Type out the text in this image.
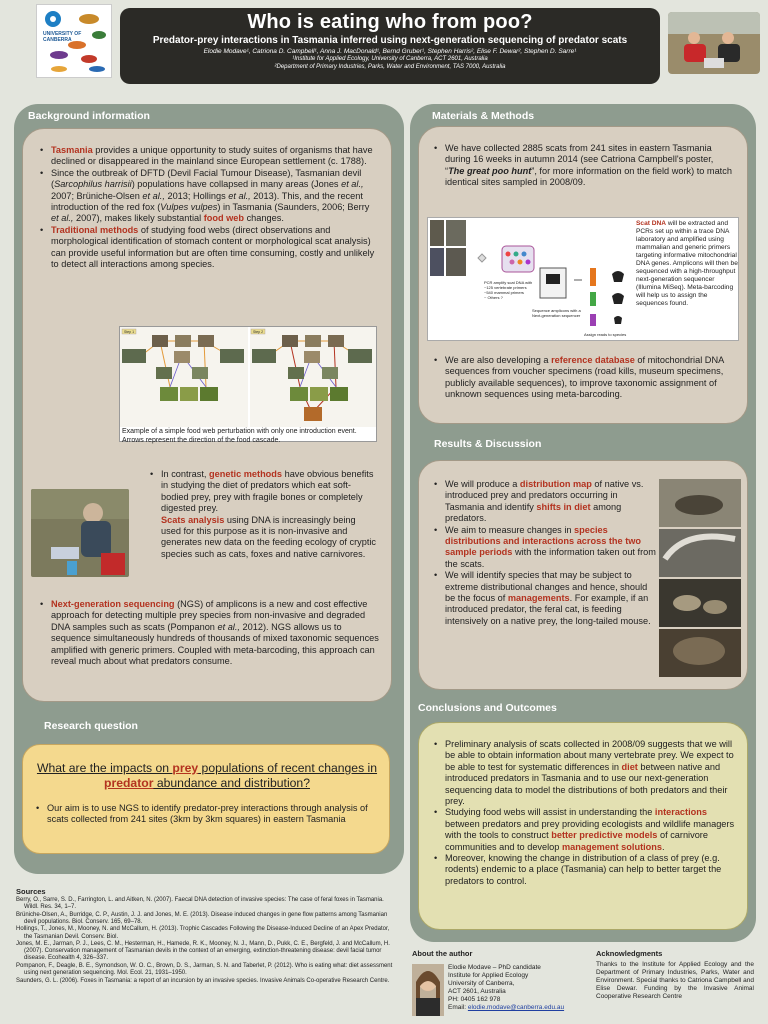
UNIVERSITY OF
CANBERRA
Who is eating who from poo?
Predator-prey interactions in Tasmania inferred using next-generation sequencing of predator scats
Elodie Modave¹, Catriona D. Campbell¹, Anna J. MacDonald¹, Bernd Gruber¹, Stephen Harris², Elise F. Dewar², Stephen D. Sarre¹
¹Institute for Applied Ecology, University of Canberra, ACT 2601, Australia
²Department of Primary Industries, Parks, Water and Environment, TAS 7000, Australia
Background information
• Tasmania provides a unique opportunity to study suites of organisms that have declined or disappeared in the mainland since European settlement (c. 1788).
• Since the outbreak of DFTD (Devil Facial Tumour Disease), Tasmanian devil (Sarcophilus harrisii) populations have collapsed in many areas (Jones et al., 2007; Brüniche-Olsen et al., 2013; Hollings et al., 2013). This, and the recent introduction of the red fox (Vulpes vulpes) in Tasmania (Saunders, 2006; Berry et al., 2007), makes likely substantial food web changes.
• Traditional methods of studying food webs (direct observations and morphological identification of stomach content or morphological scat analysis) can provide useful information but are often time consuming, costly and unlikely to detect all interactions among species.
Step 1	Step 2
Example of a simple food web perturbation with only one introduction event. Arrows represent the direction of the food cascade.
• In contrast, genetic methods have obvious benefits in studying the diet of predators which eat soft-bodied prey, prey with fragile bones or completely digested prey.
Scats analysis using DNA is increasingly being used for this purpose as it is non-invasive and generates new data on the feeding ecology of cryptic species such as cats, foxes and native carnivores.
• Next-generation sequencing (NGS) of amplicons is a new and cost effective approach for detecting multiple prey species from non-invasive and degraded DNA samples such as scats (Pompanon et al., 2012). NGS allows us to sequence simultaneously hundreds of thousands of mixed taxonomic sequences amplified with generic primers. Coupled with meta-barcoding, this approach can reveal much about what predators consume.
Research question
What are the impacts on prey populations of recent changes in predator abundance and distribution?
• Our aim is to use NGS to identify predator-prey interactions through analysis of scats collected from 241 sites (3km by 3km squares) in eastern Tasmania
Materials & Methods
• We have collected 2885 scats from 241 sites in eastern Tasmania during 16 weeks in autumn 2014 (see Catriona Campbell's poster, “The great poo hunt”, for more information on the field work) to match identical sites sampled in 2008/09.
PCR amplify scat DNA with ~125 vertebrate primers ~540 mammal primers ~ Others ?
Sequence amplicons with a Next-generation sequencer
Assign reads to species
Scat DNA will be extracted and PCRs set up within a trace DNA laboratory and amplified using mammalian and generic primers targeting informative mitochondrial DNA genes. Amplicons will then be sequenced with a high-throughput next-generation sequencer (Illumina MiSeq). Meta-barcoding will help us to assign the sequences found.
• We are also developing a reference database of mitochondrial DNA sequences from voucher specimens (road kills, museum specimens, publicly available sequences), to improve taxonomic assignment of unknown sequences using meta-barcoding.
Results & Discussion
• We will produce a distribution map of native vs. introduced prey and predators occurring in Tasmania and identify shifts in diet among predators.
• We aim to measure changes in species distributions and interactions across the two sample periods with the information taken out from the scats.
• We will identify species that may be subject to extreme distributional changes and hence, should be the focus of managements. For example, if an introduced predator, the feral cat, is feeding intensively on a native prey, the long-tailed mouse.
Conclusions and Outcomes
• Preliminary analysis of scats collected in 2008/09 suggests that we will be able to obtain information about many vertebrate prey. We expect to be able to test for systematic differences in diet between native and introduced predators in Tasmania and to use our next-generation sequencing data to model the distributions of both predators and their prey.
• Studying food webs will assist in understanding the interactions between predators and prey providing ecologists and wildlife managers with the tools to construct better predictive models of carnivore communities and to develop management solutions.
• Moreover, knowing the change in distribution of a class of prey (e.g. rodents) endemic to a place (Tasmania) can help to better target the predators to control.
Sources

Berry, O., Sarre, S. D., Farrington, L. and Aitken, N. (2007). Faecal DNA detection of invasive species: The case of feral foxes in Tasmania. Wildl. Res. 34, 1–7.

Brüniche-Olsen, A., Burridge, C. P., Austin, J. J. and Jones, M. E. (2013). Disease induced changes in gene flow patterns among Tasmanian devil populations. Biol. Conserv. 165, 69–78.

Hollings, T., Jones, M., Mooney, N. and McCallum, H. (2013). Trophic Cascades Following the Disease-Induced Decline of an Apex Predator, the Tasmanian Devil. Conserv. Biol.

Jones, M. E., Jarman, P. J., Lees, C. M., Hesterman, H., Hamede, R. K., Mooney, N. J., Mann, D., Pukk, C. E., Bergfeld, J. and McCallum, H. (2007). Conservation management of Tasmanian devils in the context of an emerging, extinction-threatening disease: devil facial tumor disease. Ecohealth 4, 326–337.

Pompanon, F., Deagle, B. E., Symondson, W. O. C., Brown, D. S., Jarman, S. N. and Taberlet, P. (2012). Who is eating what: diet assessment using next generation sequencing. Mol. Ecol. 21, 1931–1950.

Saunders, G. L. (2006). Foxes in Tasmania: a report of an incursion by an invasive species. Invasive Animals Co-operative Research Centre.

About the author
Elodie Modave – PhD candidate
Institute for Applied Ecology
University of Canberra,
ACT 2601, Australia
PH: 0405 162 978
Email: elodie.modave@canberra.edu.au
Acknowledgments
Thanks to the Institute for Applied Ecology and the Department of Primary Industries, Parks, Water and Environment. Special thanks to Catriona Campbell and Elise Dewar. Funding by the Invasive Animal Cooperative Research Centre
